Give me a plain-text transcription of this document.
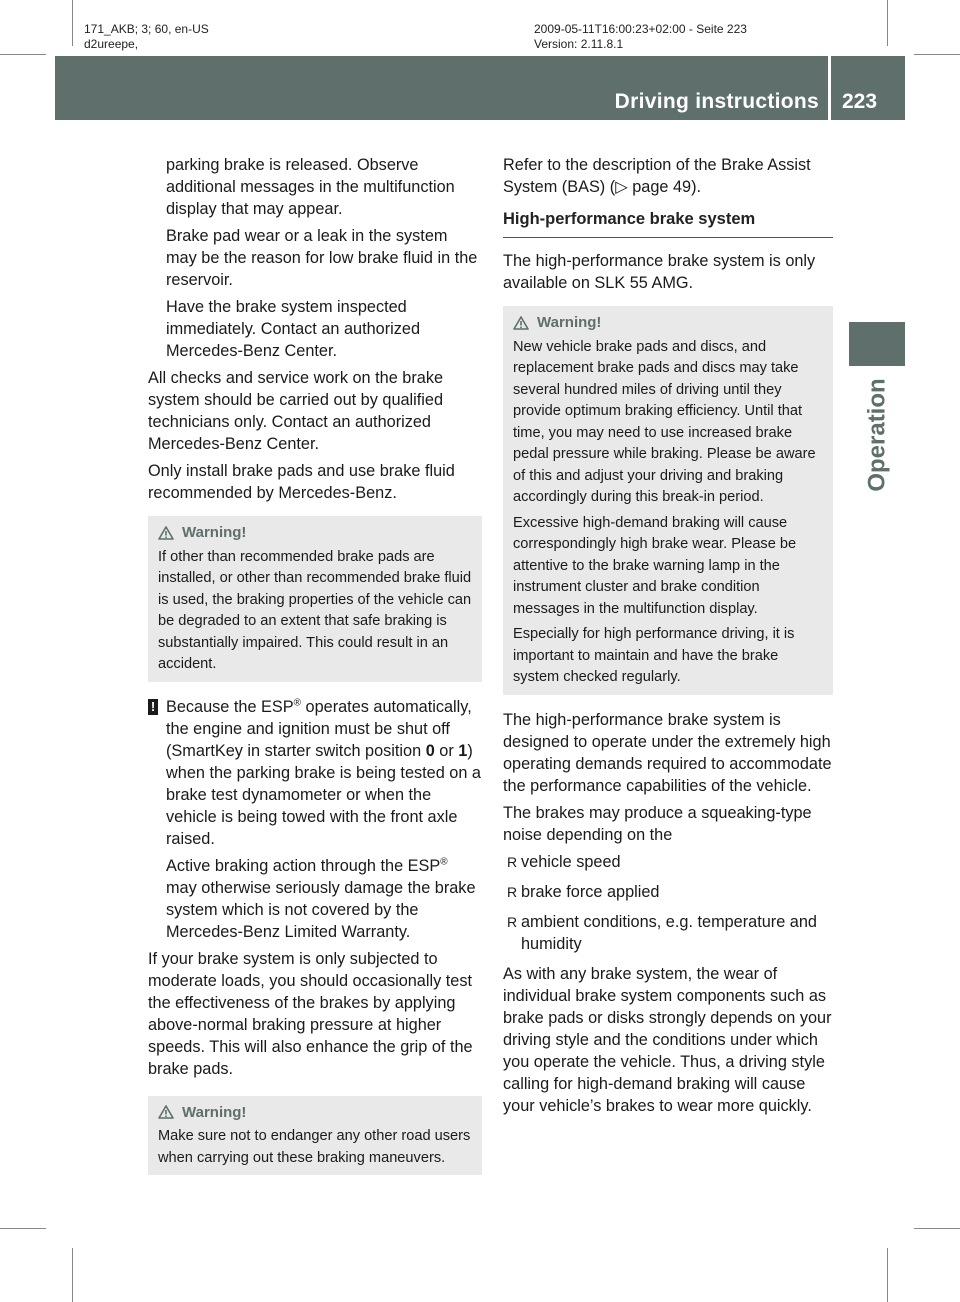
171_AKB; 3; 60, en-US
d2ureepe,
2009-05-11T16:00:23+02:00 - Seite 223
Version: 2.11.8.1
Driving instructions 223
Operation

parking brake is released. Observe additional messages in the multifunction display that may appear.

Brake pad wear or a leak in the system may be the reason for low brake fluid in the reservoir.

Have the brake system inspected immediately. Contact an authorized Mercedes-Benz Center.

All checks and service work on the brake system should be carried out by qualified technicians only. Contact an authorized Mercedes-Benz Center.

Only install brake pads and use brake fluid recommended by Mercedes-Benz.

Warning!

If other than recommended brake pads are installed, or other than recommended brake fluid is used, the braking properties of the vehicle can be degraded to an extent that safe braking is substantially impaired. This could result in an accident.

! Because the ESP® operates automatically, the engine and ignition must be shut off (SmartKey in starter switch position 0 or 1) when the parking brake is being tested on a brake test dynamometer or when the vehicle is being towed with the front axle raised.

Active braking action through the ESP® may otherwise seriously damage the brake system which is not covered by the Mercedes-Benz Limited Warranty.

If your brake system is only subjected to moderate loads, you should occasionally test the effectiveness of the brakes by applying above-normal braking pressure at higher speeds. This will also enhance the grip of the brake pads.

Warning!

Make sure not to endanger any other road users when carrying out these braking maneuvers.

Refer to the description of the Brake Assist System (BAS) (▷ page 49).

High-performance brake system

The high-performance brake system is only available on SLK 55 AMG.

Warning!

New vehicle brake pads and discs, and replacement brake pads and discs may take several hundred miles of driving until they provide optimum braking efficiency. Until that time, you may need to use increased brake pedal pressure while braking. Please be aware of this and adjust your driving and braking accordingly during this break-in period.

Excessive high-demand braking will cause correspondingly high brake wear. Please be attentive to the brake warning lamp in the instrument cluster and brake condition messages in the multifunction display.

Especially for high performance driving, it is important to maintain and have the brake system checked regularly.

The high-performance brake system is designed to operate under the extremely high operating demands required to accommodate the performance capabilities of the vehicle.

The brakes may produce a squeaking-type noise depending on the

R vehicle speed
R brake force applied
R ambient conditions, e.g. temperature and humidity

As with any brake system, the wear of individual brake system components such as brake pads or disks strongly depends on your driving style and the conditions under which you operate the vehicle. Thus, a driving style calling for high-demand braking will cause your vehicle’s brakes to wear more quickly.
